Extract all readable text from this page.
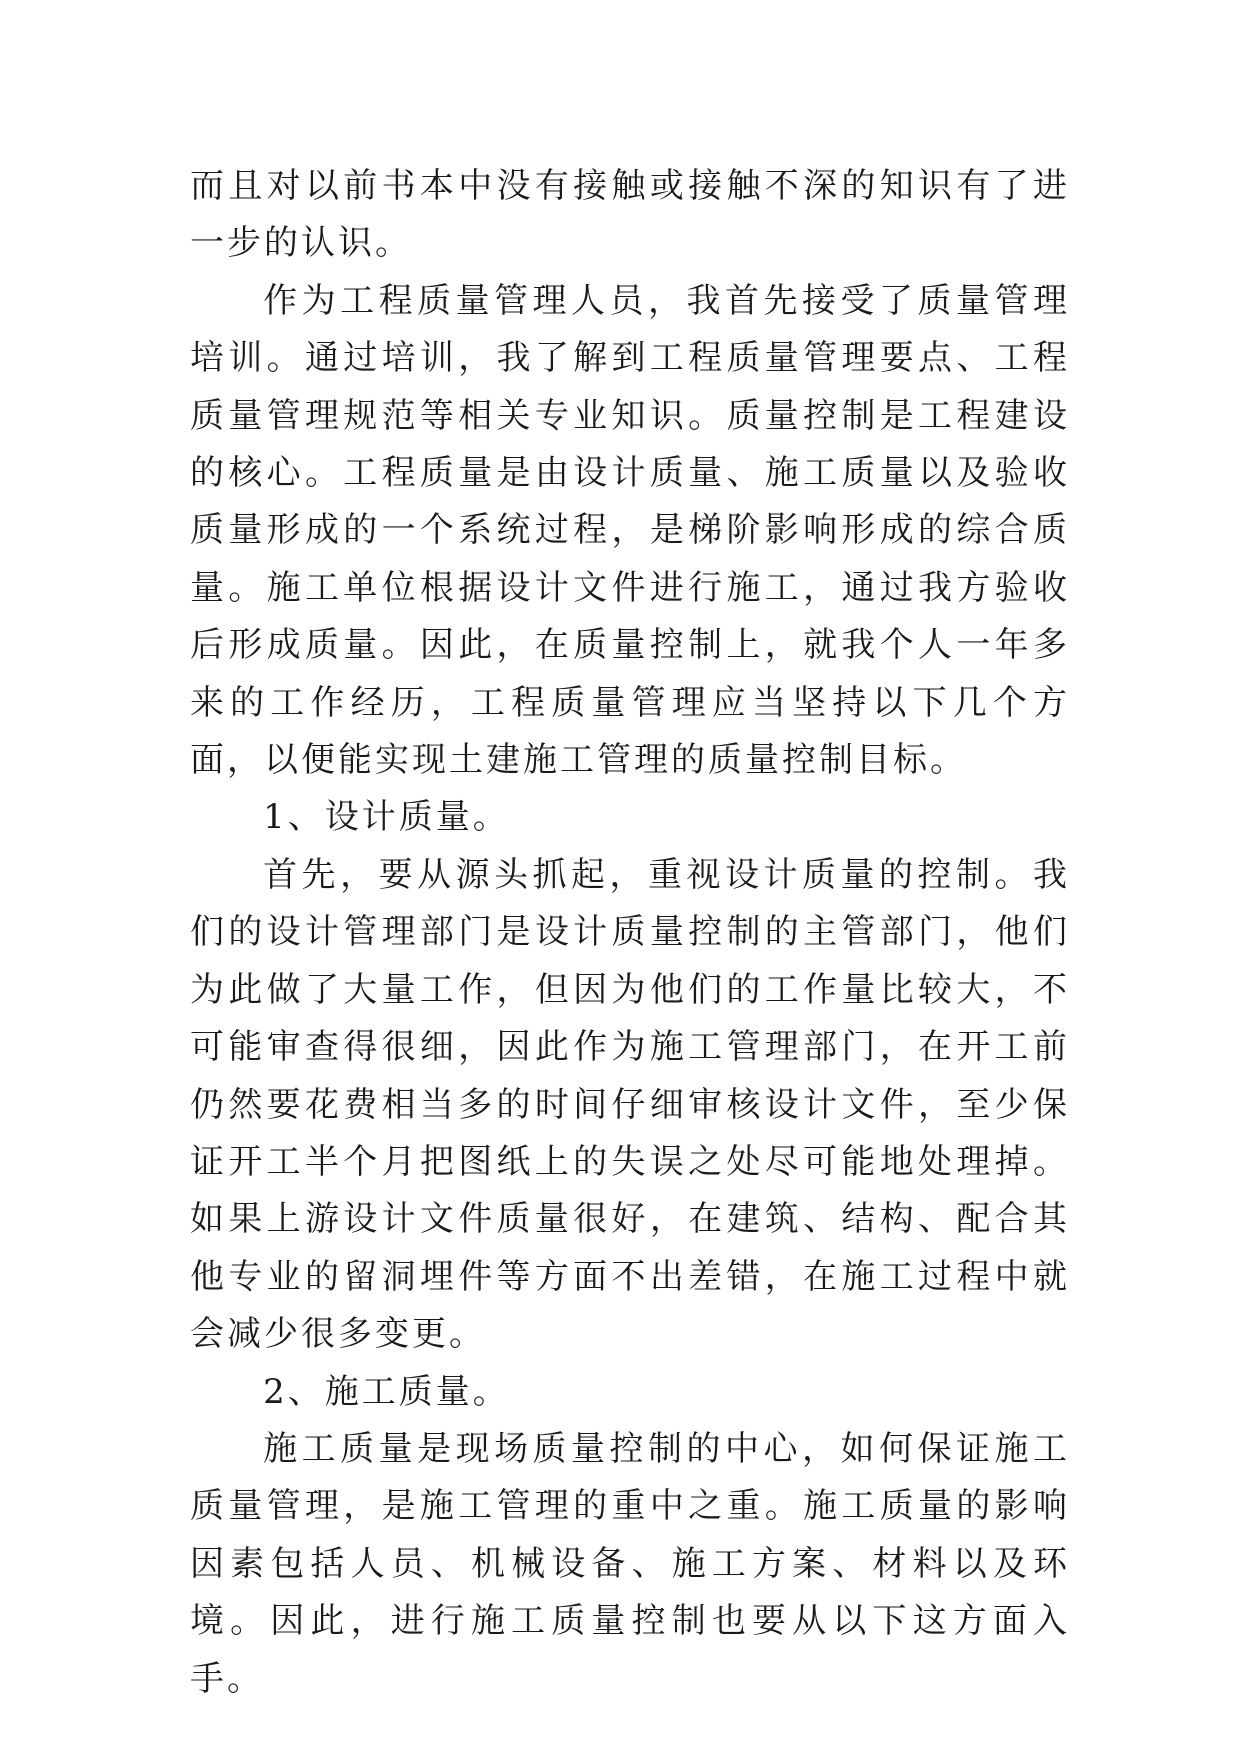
而且对以前书本中没有接触或接触不深的知识有了进一步的认识。

作为工程质量管理人员，我首先接受了质量管理培训。通过培训，我了解到工程质量管理要点、工程质量管理规范等相关专业知识。质量控制是工程建设的核心。工程质量是由设计质量、施工质量以及验收质量形成的一个系统过程，是梯阶影响形成的综合质量。施工单位根据设计文件进行施工，通过我方验收后形成质量。因此，在质量控制上，就我个人一年多来的工作经历，工程质量管理应当坚持以下几个方面，以便能实现土建施工管理的质量控制目标。

1、设计质量。

首先，要从源头抓起，重视设计质量的控制。我们的设计管理部门是设计质量控制的主管部门，他们为此做了大量工作，但因为他们的工作量比较大，不可能审查得很细，因此作为施工管理部门，在开工前仍然要花费相当多的时间仔细审核设计文件，至少保证开工半个月把图纸上的失误之处尽可能地处理掉。如果上游设计文件质量很好，在建筑、结构、配合其他专业的留洞埋件等方面不出差错，在施工过程中就会减少很多变更。

2、施工质量。

施工质量是现场质量控制的中心，如何保证施工质量管理，是施工管理的重中之重。施工质量的影响因素包括人员、机械设备、施工方案、材料以及环境。因此，进行施工质量控制也要从以下这方面入手。
